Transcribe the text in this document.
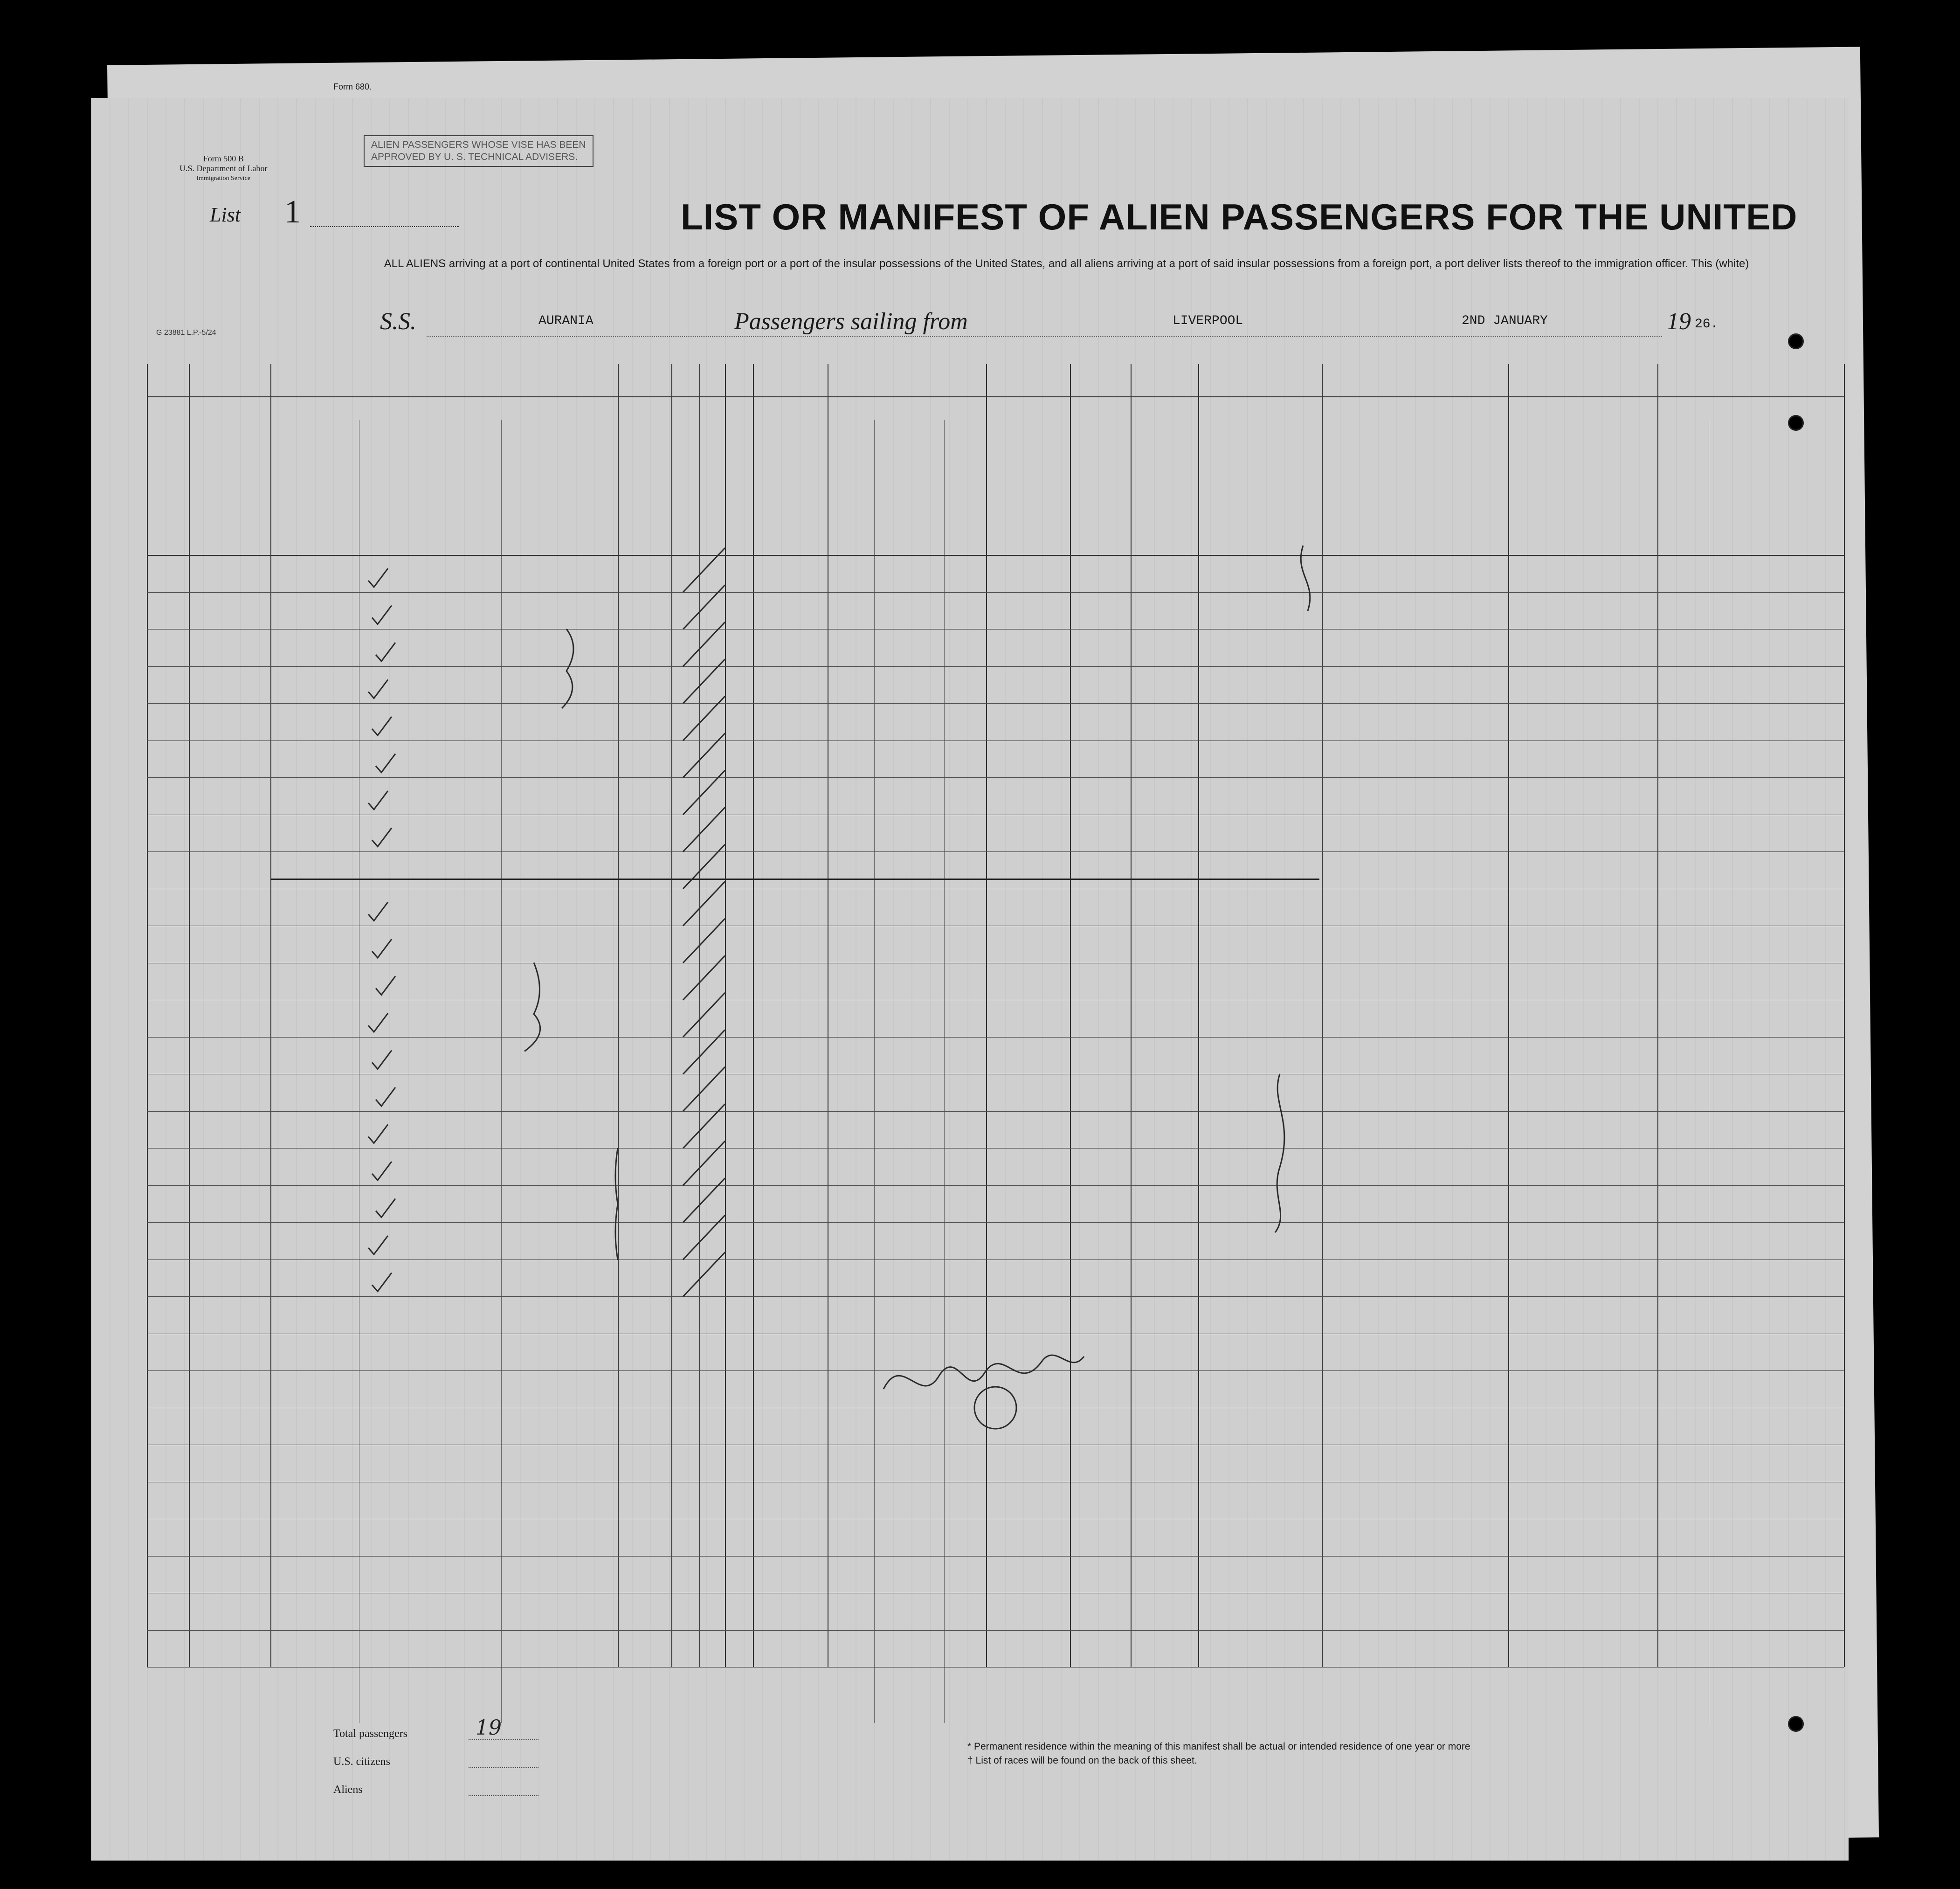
Form 680.
Form 500 B
U.S. Department of Labor
Immigration Service
ALIEN PASSENGERS WHOSE VISE HAS BEEN
APPROVED BY U. S. TECHNICAL ADVISERS.
List 1	LIST OR MANIFEST OF ALIEN PASSENGERS FOR THE UNITED
ALL ALIENS arriving at a port of continental United States from a foreign port or a port of the insular possessions of the United States, and all aliens arriving at a port of said insular possessions from a foreign port, a port deliver lists thereof to the immigration officer. This (white)
S.S.	AURANIA	Passengers sailing from	LIVERPOOL	2ND JANUARY	19 26.
G 23881 L.P.-5/24
Total passengers	19
U.S. citizens
Aliens
* Permanent residence within the meaning of this manifest shall be actual or intended residence of one year or more
† List of races will be found on the back of this sheet.
